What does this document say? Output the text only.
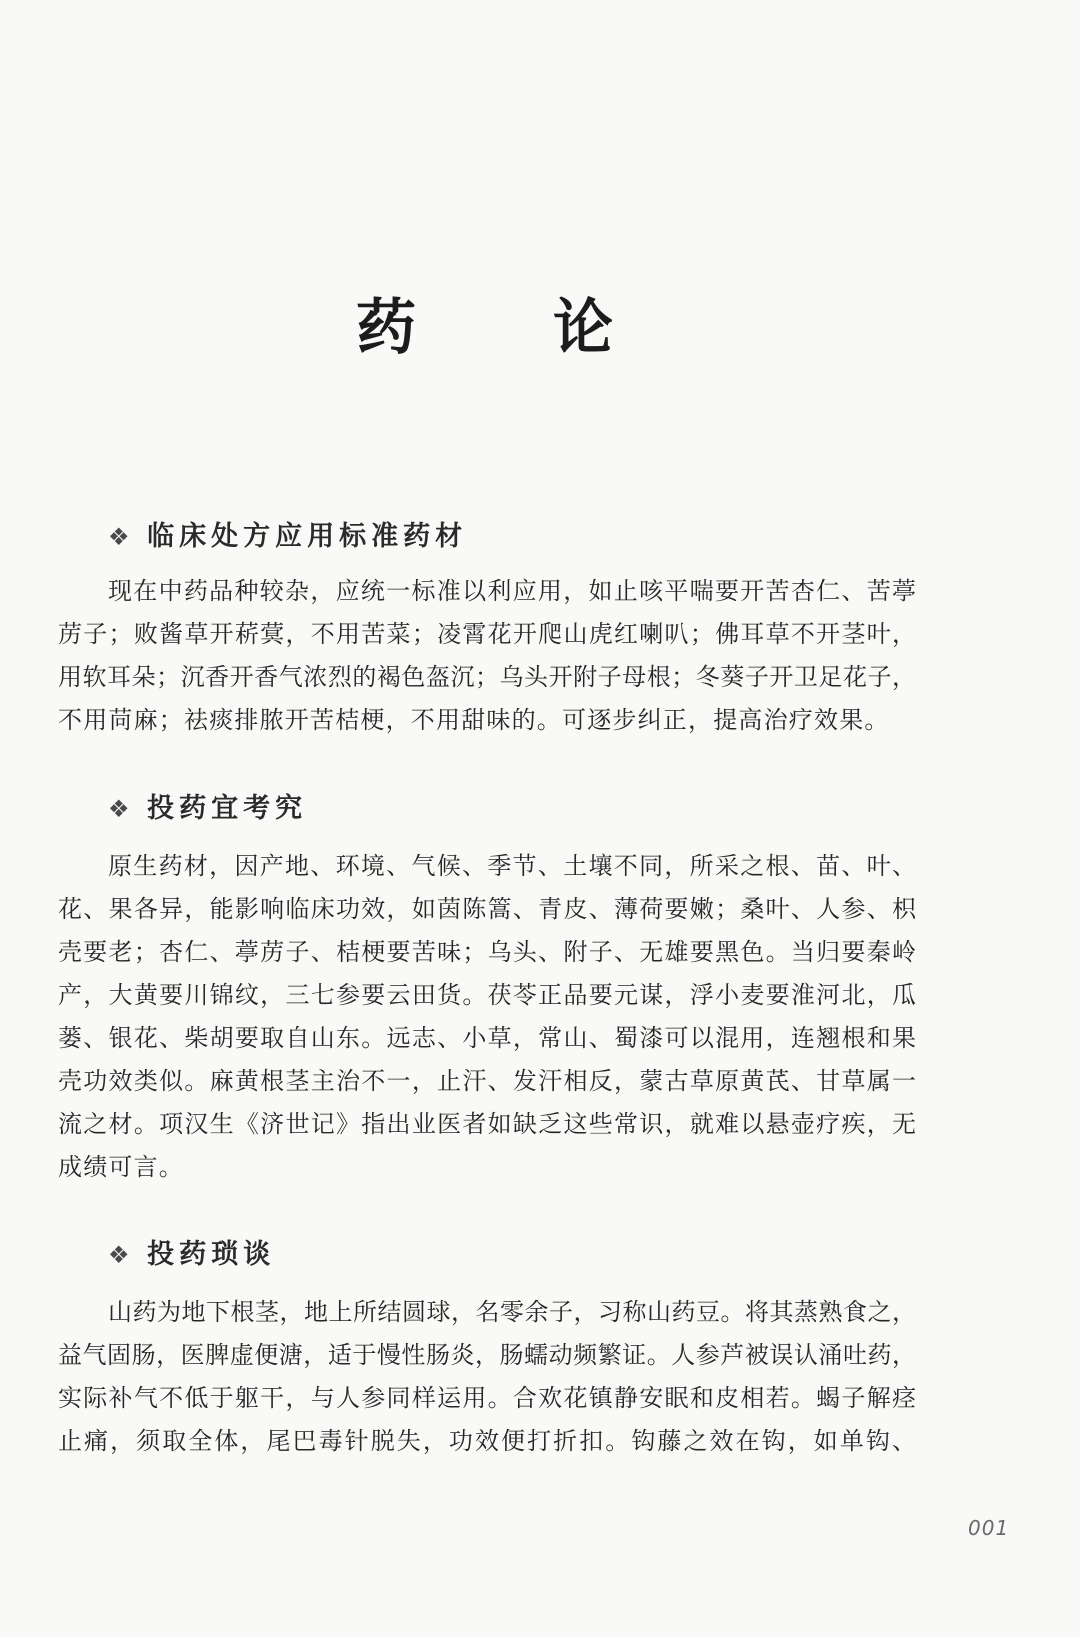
药 论
❖ 临床处方应用标准药材
现在中药品种较杂，应统一标准以利应用，如止咳平喘要开苦杏仁、苦葶
苈子；败酱草开菥蓂，不用苦菜；凌霄花开爬山虎红喇叭；佛耳草不开茎叶，
用软耳朵；沉香开香气浓烈的褐色盔沉；乌头开附子母根；冬葵子开卫足花子，
不用苘麻；祛痰排脓开苦桔梗，不用甜味的。可逐步纠正，提高治疗效果。
❖ 投药宜考究
原生药材，因产地、环境、气候、季节、土壤不同，所采之根、苗、叶、
花、果各异，能影响临床功效，如茵陈篙、青皮、薄荷要嫩；桑叶、人参、枳
壳要老；杏仁、葶苈子、桔梗要苦味；乌头、附子、无雄要黑色。当归要秦岭
产，大黄要川锦纹，三七参要云田货。茯苓正品要元谋，浮小麦要淮河北，瓜
蒌、银花、柴胡要取自山东。远志、小草，常山、蜀漆可以混用，连翘根和果
壳功效类似。麻黄根茎主治不一，止汗、发汗相反，蒙古草原黄芪、甘草属一
流之材。项汉生《济世记》指出业医者如缺乏这些常识，就难以悬壶疗疾，无
成绩可言。
❖ 投药琐谈
山药为地下根茎，地上所结圆球，名零余子，习称山药豆。将其蒸熟食之，
益气固肠，医脾虚便溏，适于慢性肠炎，肠蠕动频繁证。人参芦被误认涌吐药，
实际补气不低于躯干，与人参同样运用。合欢花镇静安眠和皮相若。蝎子解痉
止痛，须取全体，尾巴毒针脱失，功效便打折扣。钩藤之效在钩，如单钩、
001
